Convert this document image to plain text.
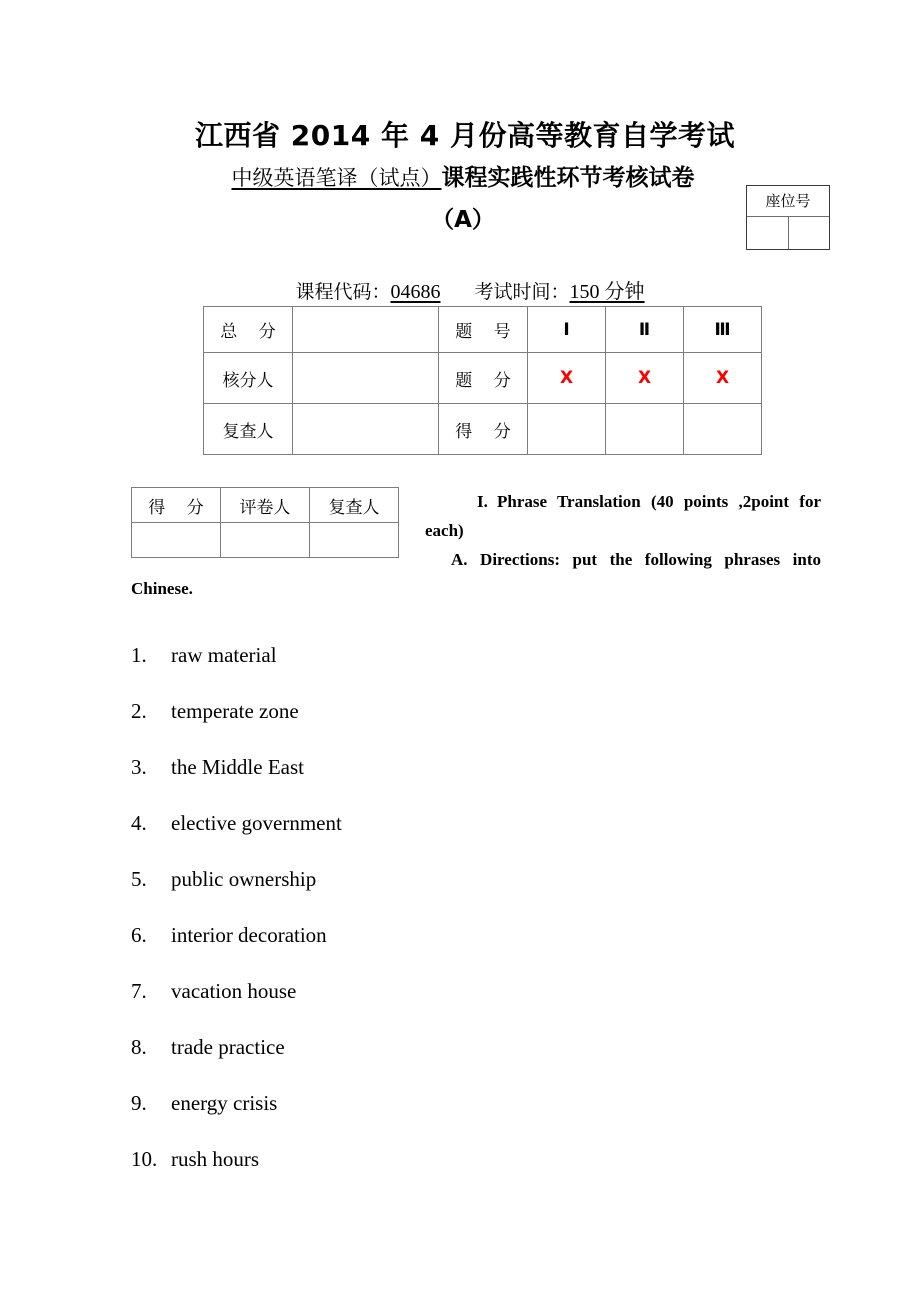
江西省 2014 年 4 月份高等教育自学考试
中级英语笔译（试点）课程实践性环节考核试卷
（A）
座位号
课程代码：04686 考试时间：150 分钟
总 分		题 号	Ⅰ	Ⅱ	Ⅲ
核分人		题 分	X	X	X
复查人		得 分			
得 分	评卷人	复查人
			I. Phrase Translation (40 points ,2point for each)

A. Directions: put the following phrases into Chinese.

1.	raw material
2.	temperate zone
3.	the Middle East
4.	elective government
5.	public ownership
6.	interior decoration
7.	vacation house
8.	trade practice
9.	energy crisis
10. rush hours
